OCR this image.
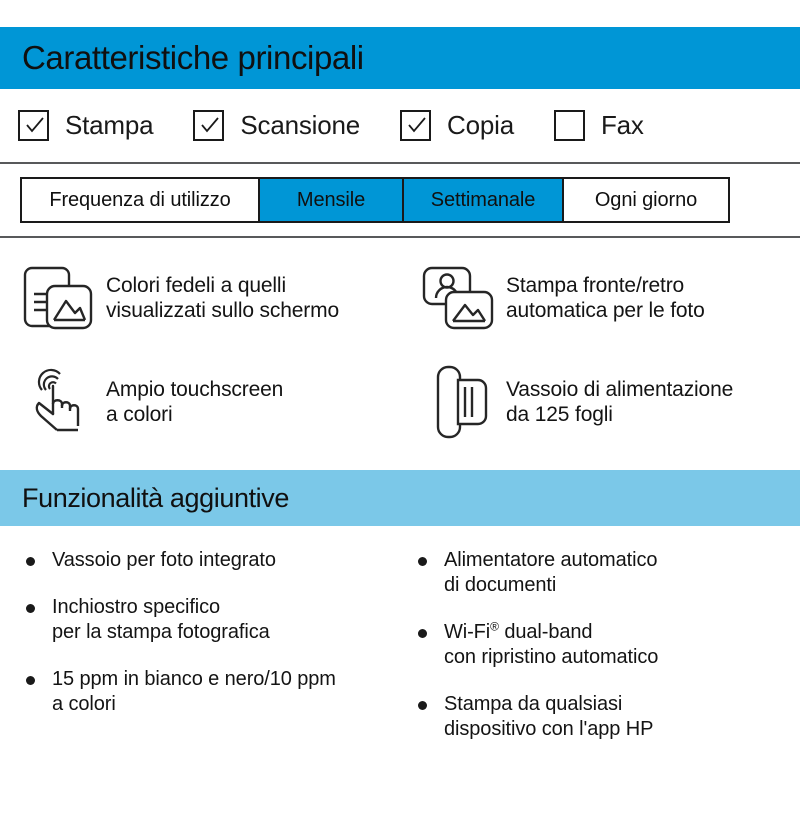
Caratteristiche principali
Stampa	Scansione	Copia	Fax
Frequenza di utilizzo	Mensile	Settimanale	Ogni giorno
Colori fedeli a quelli
visualizzati sullo schermo
Stampa fronte/retro
automatica per le foto
Ampio touchscreen
a colori
Vassoio di alimentazione
da 125 fogli
Funzionalità aggiuntive
Vassoio per foto integrato
Inchiostro specifico
per la stampa fotografica
15 ppm in bianco e nero/10 ppm
a colori
Alimentatore automatico
di documenti
Wi-Fi® dual-band
con ripristino automatico
Stampa da qualsiasi
dispositivo con l'app HP
